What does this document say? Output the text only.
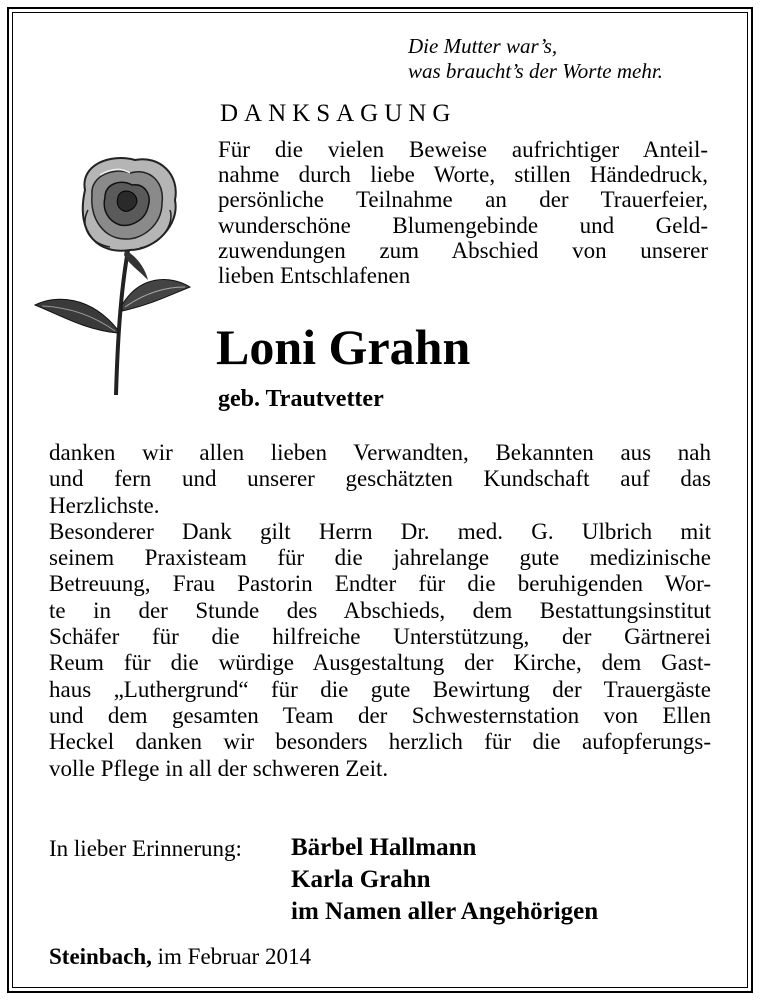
Die Mutter war’s,
was braucht’s der Worte mehr.
DANKSAGUNG
Für die vielen Beweise aufrichtiger Anteil-
nahme durch liebe Worte, stillen Händedruck,
persönliche Teilnahme an der Trauerfeier,
wunderschöne Blumengebinde und Geld-
zuwendungen zum Abschied von unserer
lieben Entschlafenen
Loni Grahn
geb. Trautvetter
danken wir allen lieben Verwandten, Bekannten aus nah
und fern und unserer geschätzten Kundschaft auf das
Herzlichste.
Besonderer Dank gilt Herrn Dr. med. G. Ulbrich mit
seinem Praxisteam für die jahrelange gute medizinische
Betreuung, Frau Pastorin Endter für die beruhigenden Wor-
te in der Stunde des Abschieds, dem Bestattungsinstitut
Schäfer für die hilfreiche Unterstützung, der Gärtnerei
Reum für die würdige Ausgestaltung der Kirche, dem Gast-
haus „Luthergrund“ für die gute Bewirtung der Trauergäste
und dem gesamten Team der Schwesternstation von Ellen
Heckel danken wir besonders herzlich für die aufopferungs-
volle Pflege in all der schweren Zeit.
In lieber Erinnerung: Bärbel Hallmann
Karla Grahn
im Namen aller Angehörigen
Steinbach, im Februar 2014
